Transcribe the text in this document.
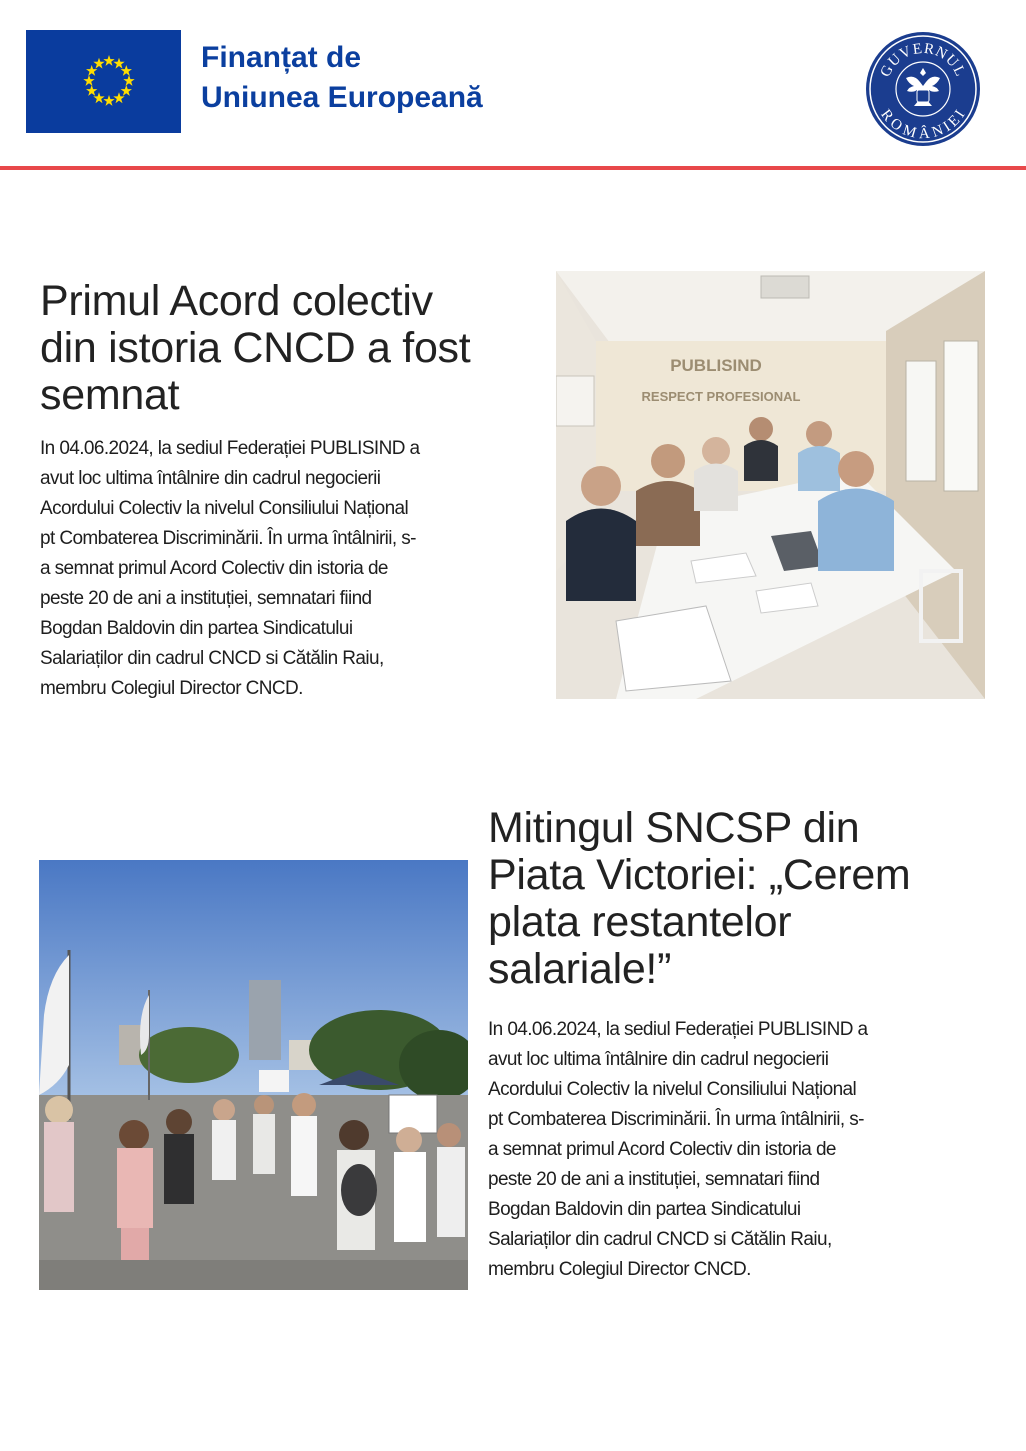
Finanțat de
Uniunea Europeană
GUVERNUL
ROMÂNIEI
Primul Acord colectiv
din istoria CNCD a fost
semnat
In 04.06.2024, la sediul Federației PUBLISIND a
avut loc ultima întâlnire din cadrul negocierii
Acordului Colectiv la nivelul Consiliului Național
pt Combaterea Discriminării. În urma întâlnirii, s-
a semnat primul Acord Colectiv din istoria de
peste 20 de ani a instituției, semnatari fiind
Bogdan Baldovin din partea Sindicatului
Salariaților din cadrul CNCD si Cătălin Raiu,
membru Colegiul Director CNCD.
PUBLISIND
RESPECT PROFESIONAL
Mitingul SNCSP din
Piata Victoriei: „Cerem
plata restantelor
salariale!”
In 04.06.2024, la sediul Federației PUBLISIND a
avut loc ultima întâlnire din cadrul negocierii
Acordului Colectiv la nivelul Consiliului Național
pt Combaterea Discriminării. În urma întâlnirii, s-
a semnat primul Acord Colectiv din istoria de
peste 20 de ani a instituției, semnatari fiind
Bogdan Baldovin din partea Sindicatului
Salariaților din cadrul CNCD si Cătălin Raiu,
membru Colegiul Director CNCD.
